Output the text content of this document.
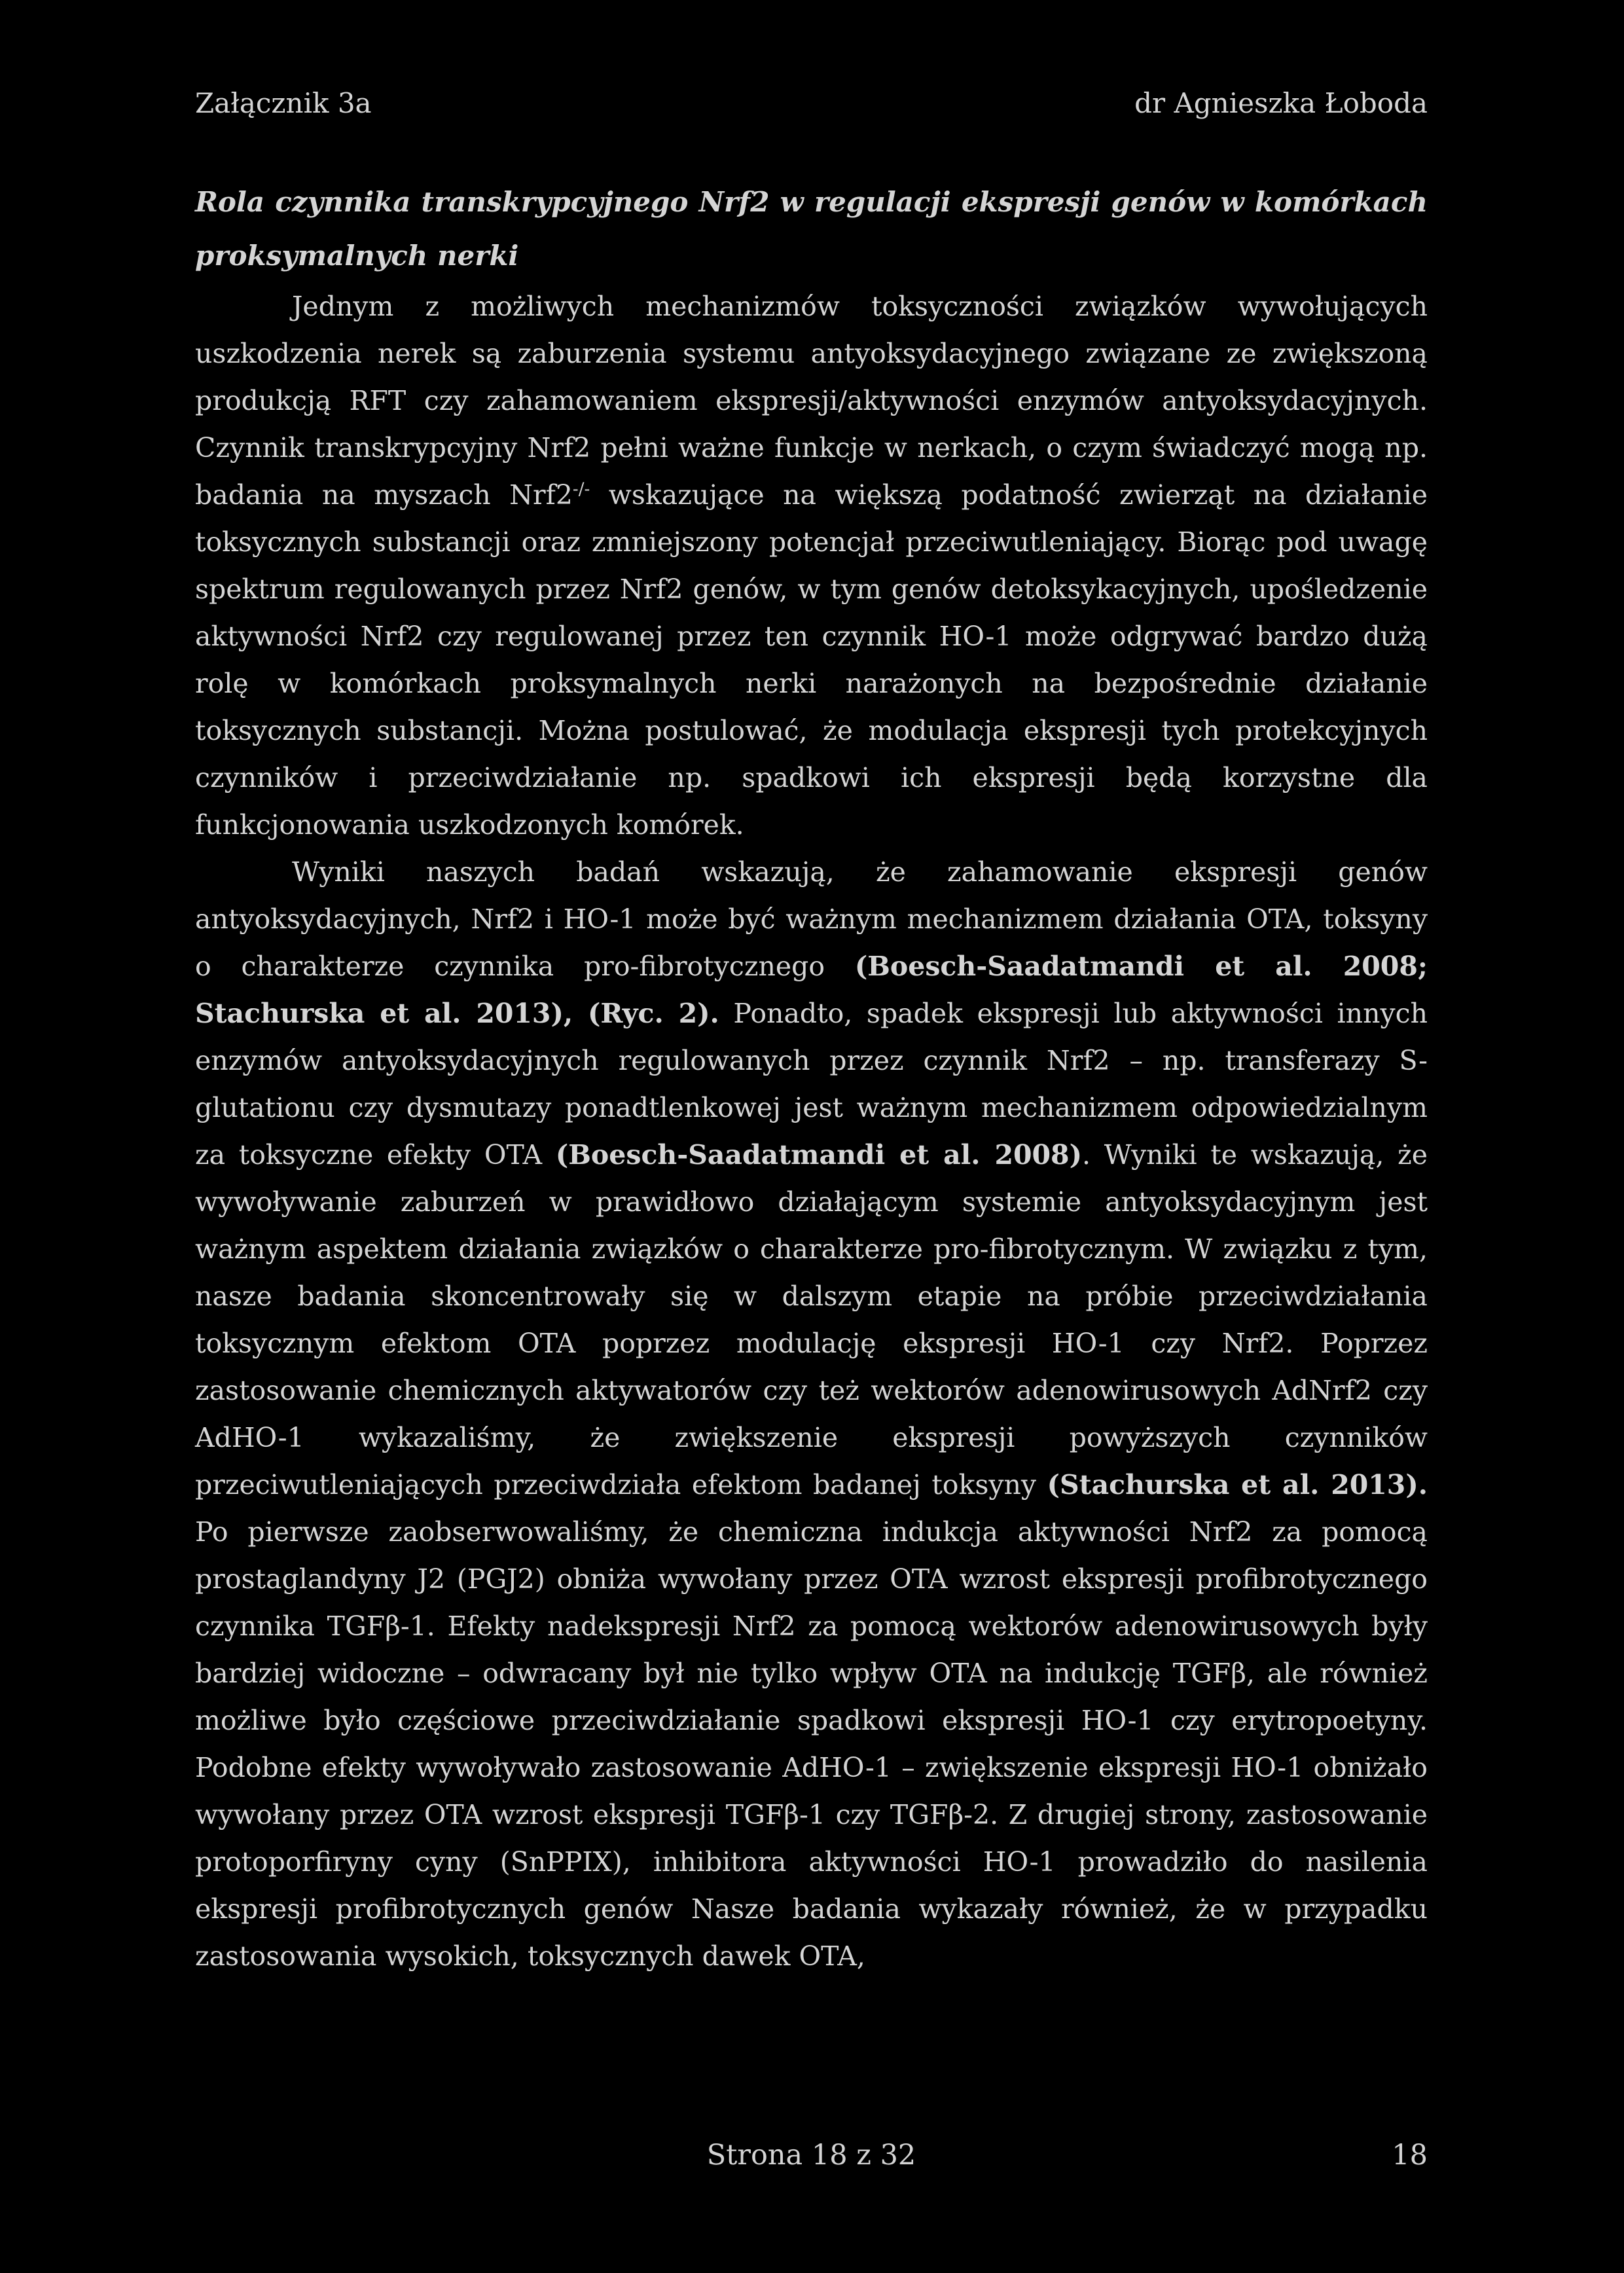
Załącznik 3a	dr Agnieszka Łoboda

Rola czynnika transkrypcyjnego Nrf2 w regulacji ekspresji genów w komórkach proksymalnych nerki

Jednym z możliwych mechanizmów toksyczności związków wywołujących uszkodzenia nerek są zaburzenia systemu antyoksydacyjnego związane ze zwiększoną produkcją RFT czy zahamowaniem ekspresji/aktywności enzymów antyoksydacyjnych. Czynnik transkrypcyjny Nrf2 pełni ważne funkcje w nerkach, o czym świadczyć mogą np. badania na myszach Nrf2-/- wskazujące na większą podatność zwierząt na działanie toksycznych substancji oraz zmniejszony potencjał przeciwutleniający. Biorąc pod uwagę spektrum regulowanych przez Nrf2 genów, w tym genów detoksykacyjnych, upośledzenie aktywności Nrf2 czy regulowanej przez ten czynnik HO-1 może odgrywać bardzo dużą rolę w komórkach proksymalnych nerki narażonych na bezpośrednie działanie toksycznych substancji. Można postulować, że modulacja ekspresji tych protekcyjnych czynników i przeciwdziałanie np. spadkowi ich ekspresji będą korzystne dla funkcjonowania uszkodzonych komórek.

Wyniki naszych badań wskazują, że zahamowanie ekspresji genów antyoksydacyjnych, Nrf2 i HO-1 może być ważnym mechanizmem działania OTA, toksyny o charakterze czynnika pro-fibrotycznego (Boesch-Saadatmandi et al. 2008; Stachurska et al. 2013), (Ryc. 2). Ponadto, spadek ekspresji lub aktywności innych enzymów antyoksydacyjnych regulowanych przez czynnik Nrf2 – np. transferazy S-glutationu czy dysmutazy ponadtlenkowej jest ważnym mechanizmem odpowiedzialnym za toksyczne efekty OTA (Boesch-Saadatmandi et al. 2008). Wyniki te wskazują, że wywoływanie zaburzeń w prawidłowo działającym systemie antyoksydacyjnym jest ważnym aspektem działania związków o charakterze pro-fibrotycznym. W związku z tym, nasze badania skoncentrowały się w dalszym etapie na próbie przeciwdziałania toksycznym efektom OTA poprzez modulację ekspresji HO-1 czy Nrf2. Poprzez zastosowanie chemicznych aktywatorów czy też wektorów adenowirusowych AdNrf2 czy AdHO-1 wykazaliśmy, że zwiększenie ekspresji powyższych czynników przeciwutleniających przeciwdziała efektom badanej toksyny (Stachurska et al. 2013). Po pierwsze zaobserwowaliśmy, że chemiczna indukcja aktywności Nrf2 za pomocą prostaglandyny J2 (PGJ2) obniża wywołany przez OTA wzrost ekspresji profibrotycznego czynnika TGFβ-1. Efekty nadekspresji Nrf2 za pomocą wektorów adenowirusowych były bardziej widoczne – odwracany był nie tylko wpływ OTA na indukcję TGFβ, ale również możliwe było częściowe przeciwdziałanie spadkowi ekspresji HO-1 czy erytropoetyny. Podobne efekty wywoływało zastosowanie AdHO-1 – zwiększenie ekspresji HO-1 obniżało wywołany przez OTA wzrost ekspresji TGFβ-1 czy TGFβ-2. Z drugiej strony, zastosowanie protoporfiryny cyny (SnPPIX), inhibitora aktywności HO-1 prowadziło do nasilenia ekspresji profibrotycznych genów Nasze badania wykazały również, że w przypadku zastosowania wysokich, toksycznych dawek OTA,

Strona 18 z 32	18
